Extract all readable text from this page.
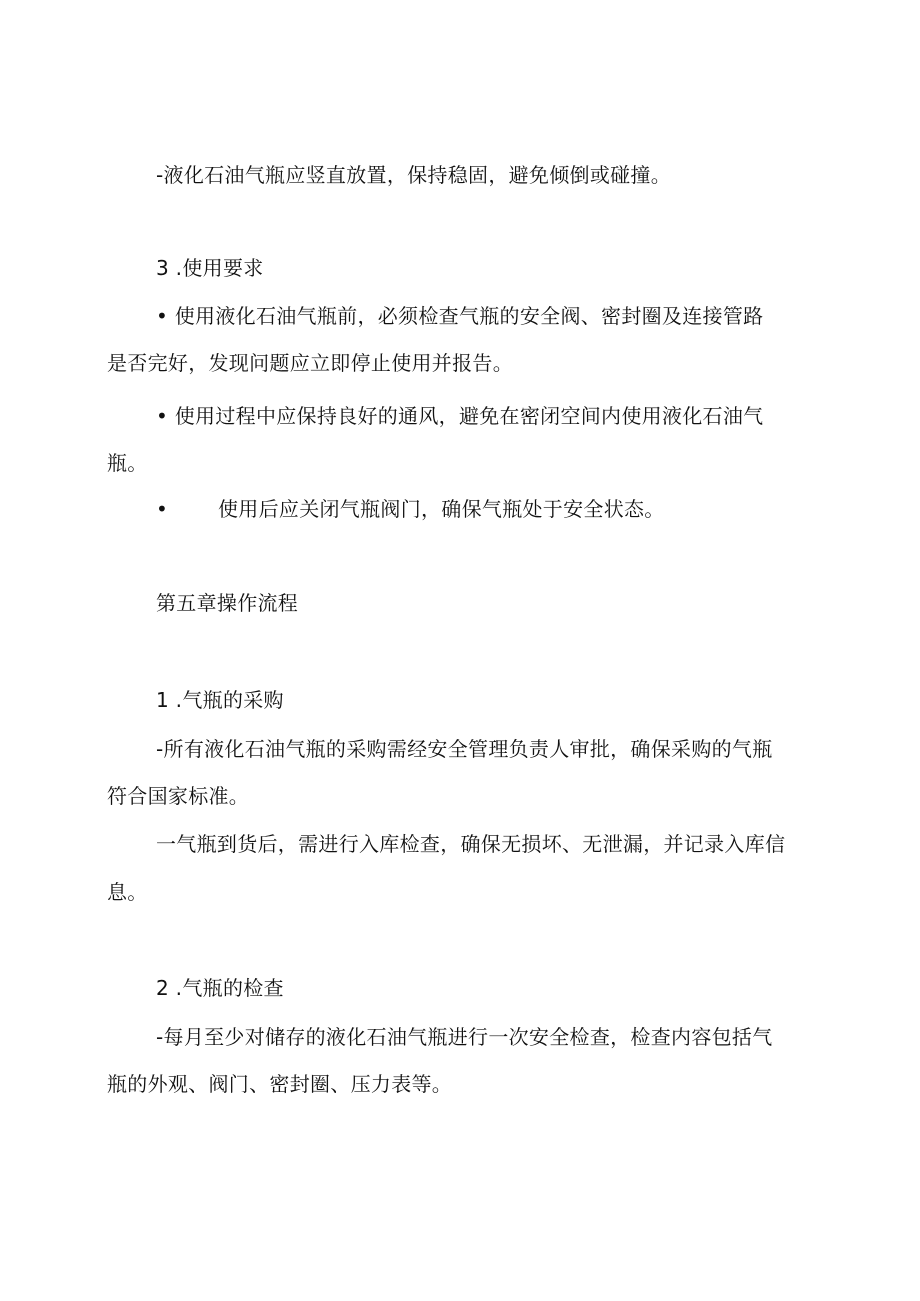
-液化石油气瓶应竖直放置，保持稳固，避免倾倒或碰撞。
3 .使用要求
• 使用液化石油气瓶前，必须检查气瓶的安全阀、密封圈及连接管路
是否完好，发现问题应立即停止使用并报告。
• 使用过程中应保持良好的通风，避免在密闭空间内使用液化石油气
瓶。
•	使用后应关闭气瓶阀门，确保气瓶处于安全状态。
第五章操作流程
1 .气瓶的采购
-所有液化石油气瓶的采购需经安全管理负责人审批，确保采购的气瓶
符合国家标准。
一气瓶到货后，需进行入库检查，确保无损坏、无泄漏，并记录入库信
息。
2 .气瓶的检查
-每月至少对储存的液化石油气瓶进行一次安全检查，检查内容包括气
瓶的外观、阀门、密封圈、压力表等。
